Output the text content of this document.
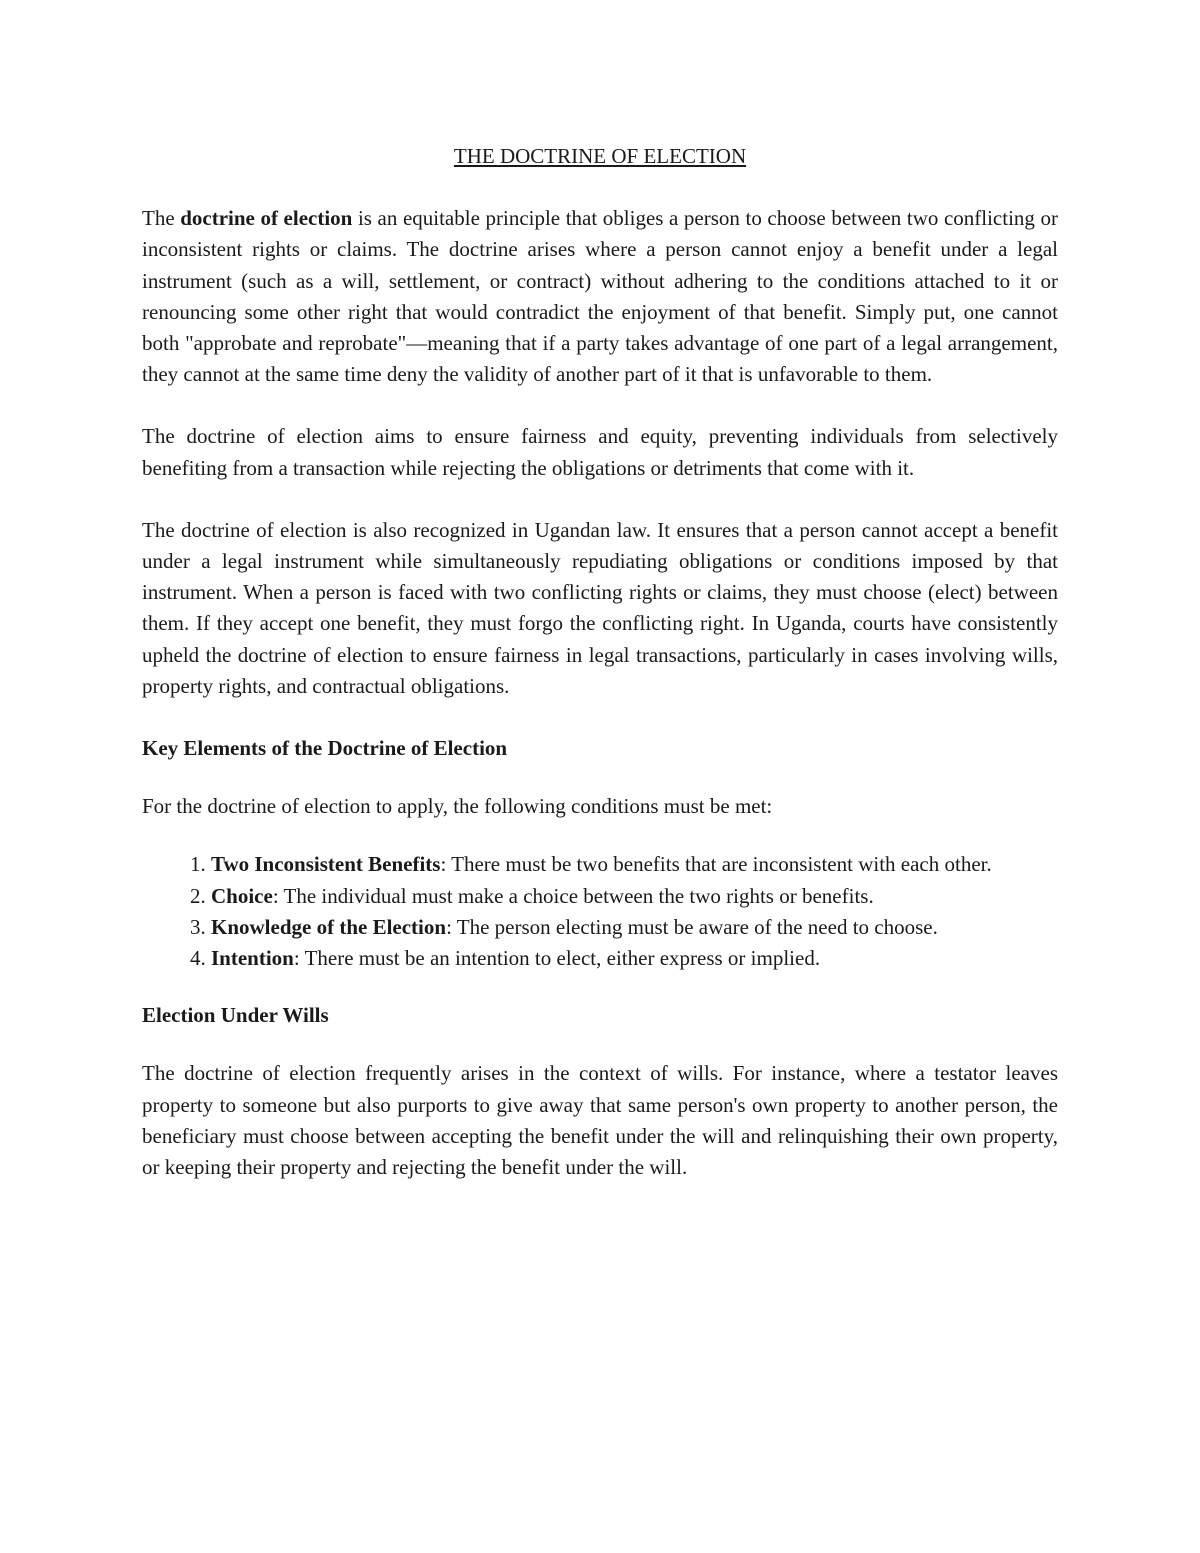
THE DOCTRINE OF ELECTION

The doctrine of election is an equitable principle that obliges a person to choose between two conflicting or inconsistent rights or claims. The doctrine arises where a person cannot enjoy a benefit under a legal instrument (such as a will, settlement, or contract) without adhering to the conditions attached to it or renouncing some other right that would contradict the enjoyment of that benefit. Simply put, one cannot both "approbate and reprobate"—meaning that if a party takes advantage of one part of a legal arrangement, they cannot at the same time deny the validity of another part of it that is unfavorable to them.

The doctrine of election aims to ensure fairness and equity, preventing individuals from selectively benefiting from a transaction while rejecting the obligations or detriments that come with it.

The doctrine of election is also recognized in Ugandan law. It ensures that a person cannot accept a benefit under a legal instrument while simultaneously repudiating obligations or conditions imposed by that instrument. When a person is faced with two conflicting rights or claims, they must choose (elect) between them. If they accept one benefit, they must forgo the conflicting right. In Uganda, courts have consistently upheld the doctrine of election to ensure fairness in legal transactions, particularly in cases involving wills, property rights, and contractual obligations.

Key Elements of the Doctrine of Election

For the doctrine of election to apply, the following conditions must be met:

1. Two Inconsistent Benefits: There must be two benefits that are inconsistent with each other.
2. Choice: The individual must make a choice between the two rights or benefits.
3. Knowledge of the Election: The person electing must be aware of the need to choose.
4. Intention: There must be an intention to elect, either express or implied.
Election Under Wills

The doctrine of election frequently arises in the context of wills. For instance, where a testator leaves property to someone but also purports to give away that same person's own property to another person, the beneficiary must choose between accepting the benefit under the will and relinquishing their own property, or keeping their property and rejecting the benefit under the will.
